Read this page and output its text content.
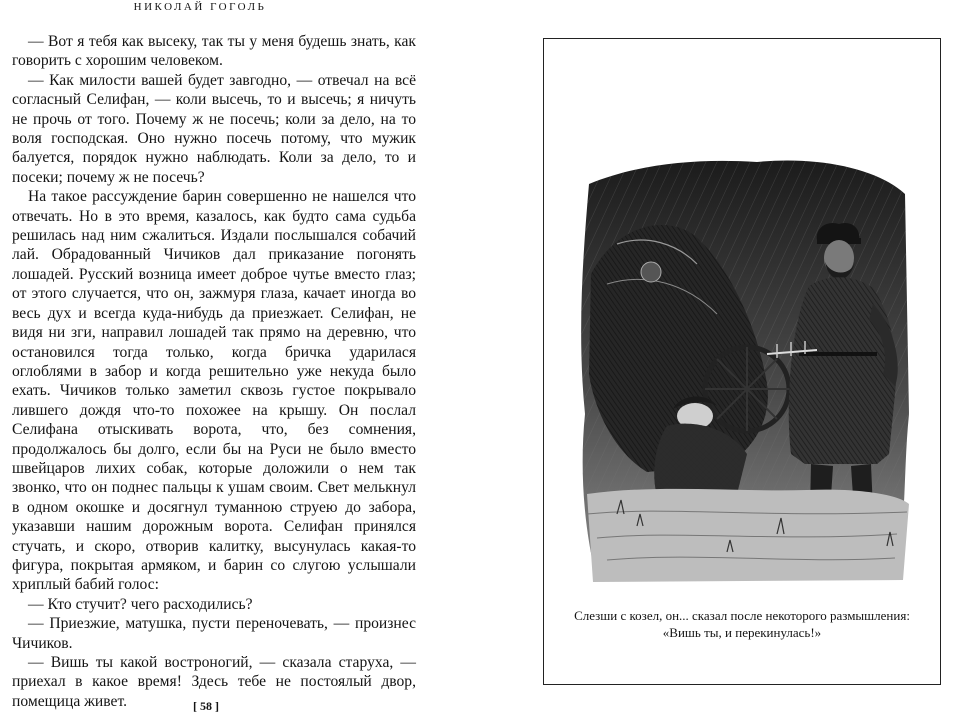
НИКОЛАЙ ГОГОЛЬ

— Вот я тебя как высеку, так ты у меня будешь знать, как говорить с хорошим человеком.

— Как милости вашей будет завгодно, — отвечал на всё согласный Селифан, — коли высечь, то и высечь; я ничуть не прочь от того. Почему ж не посечь; коли за дело, на то воля господская. Оно нужно посечь потому, что мужик балуется, порядок нужно наблюдать. Коли за дело, то и посеки; почему ж не посечь?

На такое рассуждение барин совершенно не нашелся что отвечать. Но в это время, казалось, как будто сама судьба решилась над ним сжалиться. Издали послышался собачий лай. Обрадованный Чичиков дал приказание погонять лошадей. Русский возница имеет доброе чутье вместо глаз; от этого случается, что он, зажмуря глаза, качает иногда во весь дух и всегда куда-нибудь да приезжает. Селифан, не видя ни зги, направил лошадей так прямо на деревню, что остановился тогда только, когда бричка ударилася оглоблями в забор и когда решительно уже некуда было ехать. Чичиков только заметил сквозь густое покрывало лившего дождя что-то похожее на крышу. Он послал Селифана отыскивать ворота, что, без сомнения, продолжалось бы долго, если бы на Руси не было вместо швейцаров лихих собак, которые доложили о нем так звонко, что он поднес пальцы к ушам своим. Свет мелькнул в одном окошке и досягнул туманною струею до забора, указавши нашим дорожным ворота. Селифан принялся стучать, и скоро, отворив калитку, высунулась какая-то фигура, покрытая армяком, и барин со слугою услышали хриплый бабий голос:

— Кто стучит? чего расходились?

— Приезжие, матушка, пусти переночевать, — произнес Чичиков.

— Вишь ты какой востроногий, — сказала старуха, — приехал в какое время! Здесь тебе не постоялый двор, помещица живет.	[ 58 ]
Слезши с козел, он... сказал после некоторого размышления:
«Вишь ты, и перекинулась!»
